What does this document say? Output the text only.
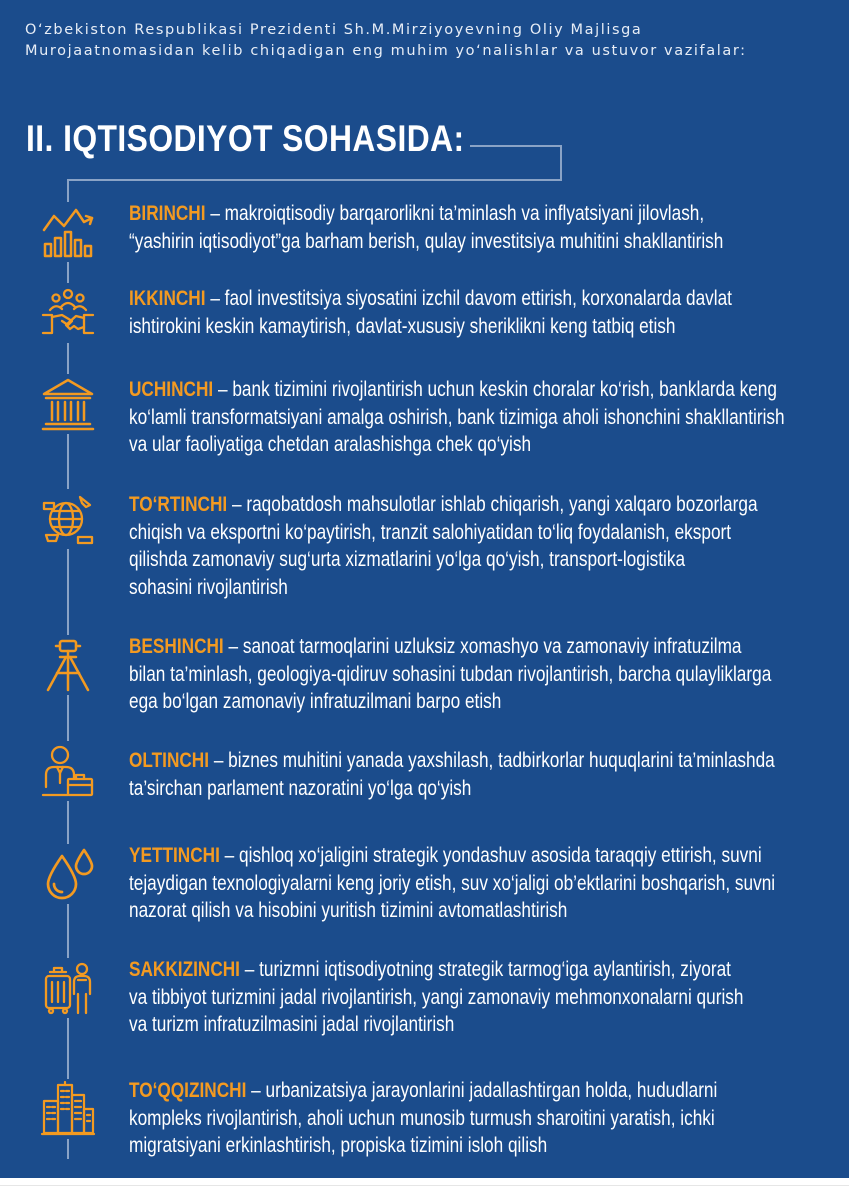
O‘zbekiston Respublikasi Prezidenti Sh.M.Mirziyoyevning Oliy Majlisga
Murojaatnomasidan kelib chiqadigan eng muhim yo‘nalishlar va ustuvor vazifalar:

II. IQTISODIYOT SOHASIDA:

BIRINCHI – makroiqtisodiy barqarorlikni ta’minlash va inflyatsiyani jilovlash,
“yashirin iqtisodiyot”ga barham berish, qulay investitsiya muhitini shakllantirish

IKKINCHI – faol investitsiya siyosatini izchil davom ettirish, korxonalarda davlat
ishtirokini keskin kamaytirish, davlat-xususiy sheriklikni keng tatbiq etish

UCHINCHI – bank tizimini rivojlantirish uchun keskin choralar ko‘rish, banklarda keng
ko‘lamli transformatsiyani amalga oshirish, bank tizimiga aholi ishonchini shakllantirish
va ular faoliyatiga chetdan aralashishga chek qo‘yish

TO‘RTINCHI – raqobatdosh mahsulotlar ishlab chiqarish, yangi xalqaro bozorlarga
chiqish va eksportni ko‘paytirish, tranzit salohiyatidan to‘liq foydalanish, eksport
qilishda zamonaviy sug‘urta xizmatlarini yo‘lga qo‘yish, transport-logistika
sohasini rivojlantirish

BESHINCHI – sanoat tarmoqlarini uzluksiz xomashyo va zamonaviy infratuzilma
bilan ta’minlash, geologiya-qidiruv sohasini tubdan rivojlantirish, barcha qulayliklarga
ega bo‘lgan zamonaviy infratuzilmani barpo etish

OLTINCHI – biznes muhitini yanada yaxshilash, tadbirkorlar huquqlarini ta’minlashda
ta’sirchan parlament nazoratini yo‘lga qo‘yish

YETTINCHI – qishloq xo‘jaligini strategik yondashuv asosida taraqqiy ettirish, suvni
tejaydigan texnologiyalarni keng joriy etish, suv xo‘jaligi ob’ektlarini boshqarish, suvni
nazorat qilish va hisobini yuritish tizimini avtomatlashtirish

SAKKIZINCHI – turizmni iqtisodiyotning strategik tarmog‘iga aylantirish, ziyorat
va tibbiyot turizmini jadal rivojlantirish, yangi zamonaviy mehmonxonalarni qurish
va turizm infratuzilmasini jadal rivojlantirish

TO‘QQIZINCHI – urbanizatsiya jarayonlarini jadallashtirgan holda, hududlarni
kompleks rivojlantirish, aholi uchun munosib turmush sharoitini yaratish, ichki
migratsiyani erkinlashtirish, propiska tizimini isloh qilish
